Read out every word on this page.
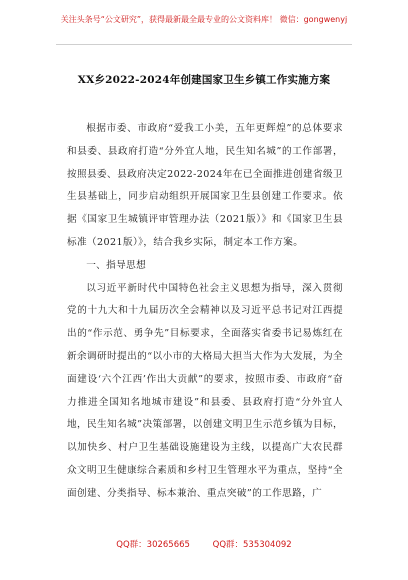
关注头条号“公文研究”，获得最新最全最专业的公文资料库！ 微信：gongwenyj
XX乡2022-2024年创建国家卫生乡镇工作实施方案

根据市委、市政府“爱我工小美，五年更辉煌”的总体要求和县委、县政府打造“分外宜人地，民生知名城”的工作部署，按照县委、县政府决定2022-2024年在已全面推进创建省级卫生县基础上，同步启动组织开展国家卫生县创建工作要求。依据《国家卫生城镇评审管理办法（2021版）》和《国家卫生县标准（2021版）》，结合我乡实际，制定本工作方案。

一、指导思想

以习近平新时代中国特色社会主义思想为指导，深入贯彻党的十九大和十九届历次全会精神以及习近平总书记对江西提出的“作示范、勇争先”目标要求，全面落实省委书记易炼红在新余调研时提出的“以小市的大格局大担当大作为大发展，为全面建设‘六个江西’作出大贡献”的要求，按照市委、市政府“奋力推进全国知名地城市建设”和县委、县政府打造“分外宜人地，民生知名城”决策部署，以创建文明卫生示范乡镇为目标，以加快乡、村户卫生基础设施建设为主线，以提高广大农民群众文明卫生健康综合素质和乡村卫生管理水平为重点，坚持“全面创建、分类指导、标本兼治、重点突破”的工作思路，广

QQ群：30265665	QQ群：535304092
